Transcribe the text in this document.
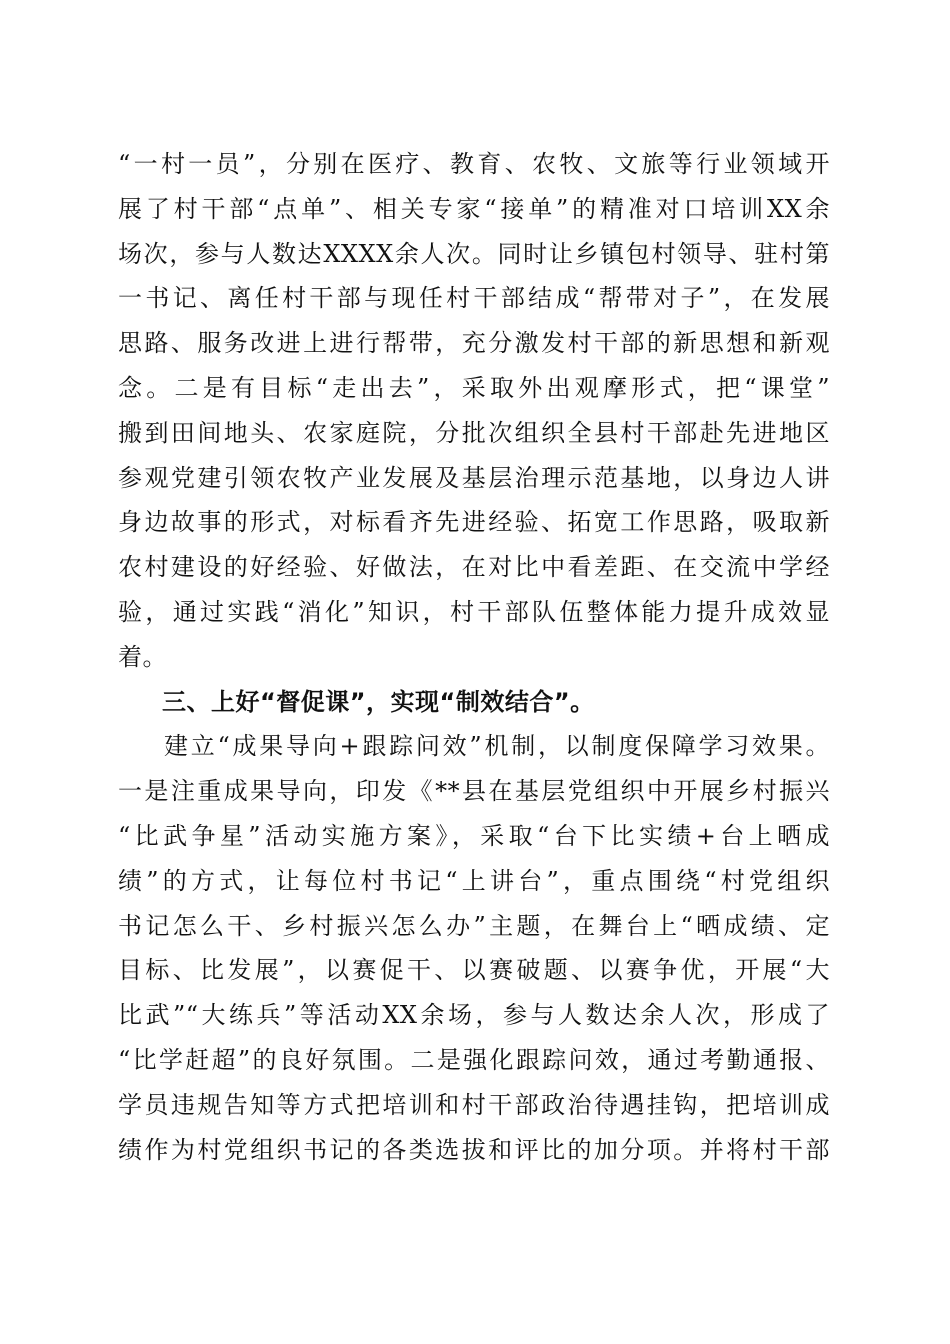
“一村一员”，分别在医疗、教育、农牧、文旅等行业领域开
展了村干部“点单”、相关专家“接单”的精准对口培训XX余
场次，参与人数达XXXX余人次。同时让乡镇包村领导、驻村第
一书记、离任村干部与现任村干部结成“帮带对子”，在发展
思路、服务改进上进行帮带，充分激发村干部的新思想和新观
念。二是有目标“走出去”，采取外出观摩形式，把“课堂”
搬到田间地头、农家庭院，分批次组织全县村干部赴先进地区
参观党建引领农牧产业发展及基层治理示范基地，以身边人讲
身边故事的形式，对标看齐先进经验、拓宽工作思路，吸取新
农村建设的好经验、好做法，在对比中看差距、在交流中学经
验，通过实践“消化”知识，村干部队伍整体能力提升成效显
着。
三、上好“督促课”，实现“制效结合”。
建立“成果导向+跟踪问效”机制，以制度保障学习效果。
一是注重成果导向，印发《**县在基层党组织中开展乡村振兴
“比武争星”活动实施方案》，采取“台下比实绩+台上晒成
绩”的方式，让每位村书记“上讲台”，重点围绕“村党组织
书记怎么干、乡村振兴怎么办”主题，在舞台上“晒成绩、定
目标、比发展”，以赛促干、以赛破题、以赛争优，开展“大
比武”“大练兵”等活动XX余场，参与人数达余人次，形成了
“比学赶超”的良好氛围。二是强化跟踪问效，通过考勤通报、
学员违规告知等方式把培训和村干部政治待遇挂钩，把培训成
绩作为村党组织书记的各类选拔和评比的加分项。并将村干部
